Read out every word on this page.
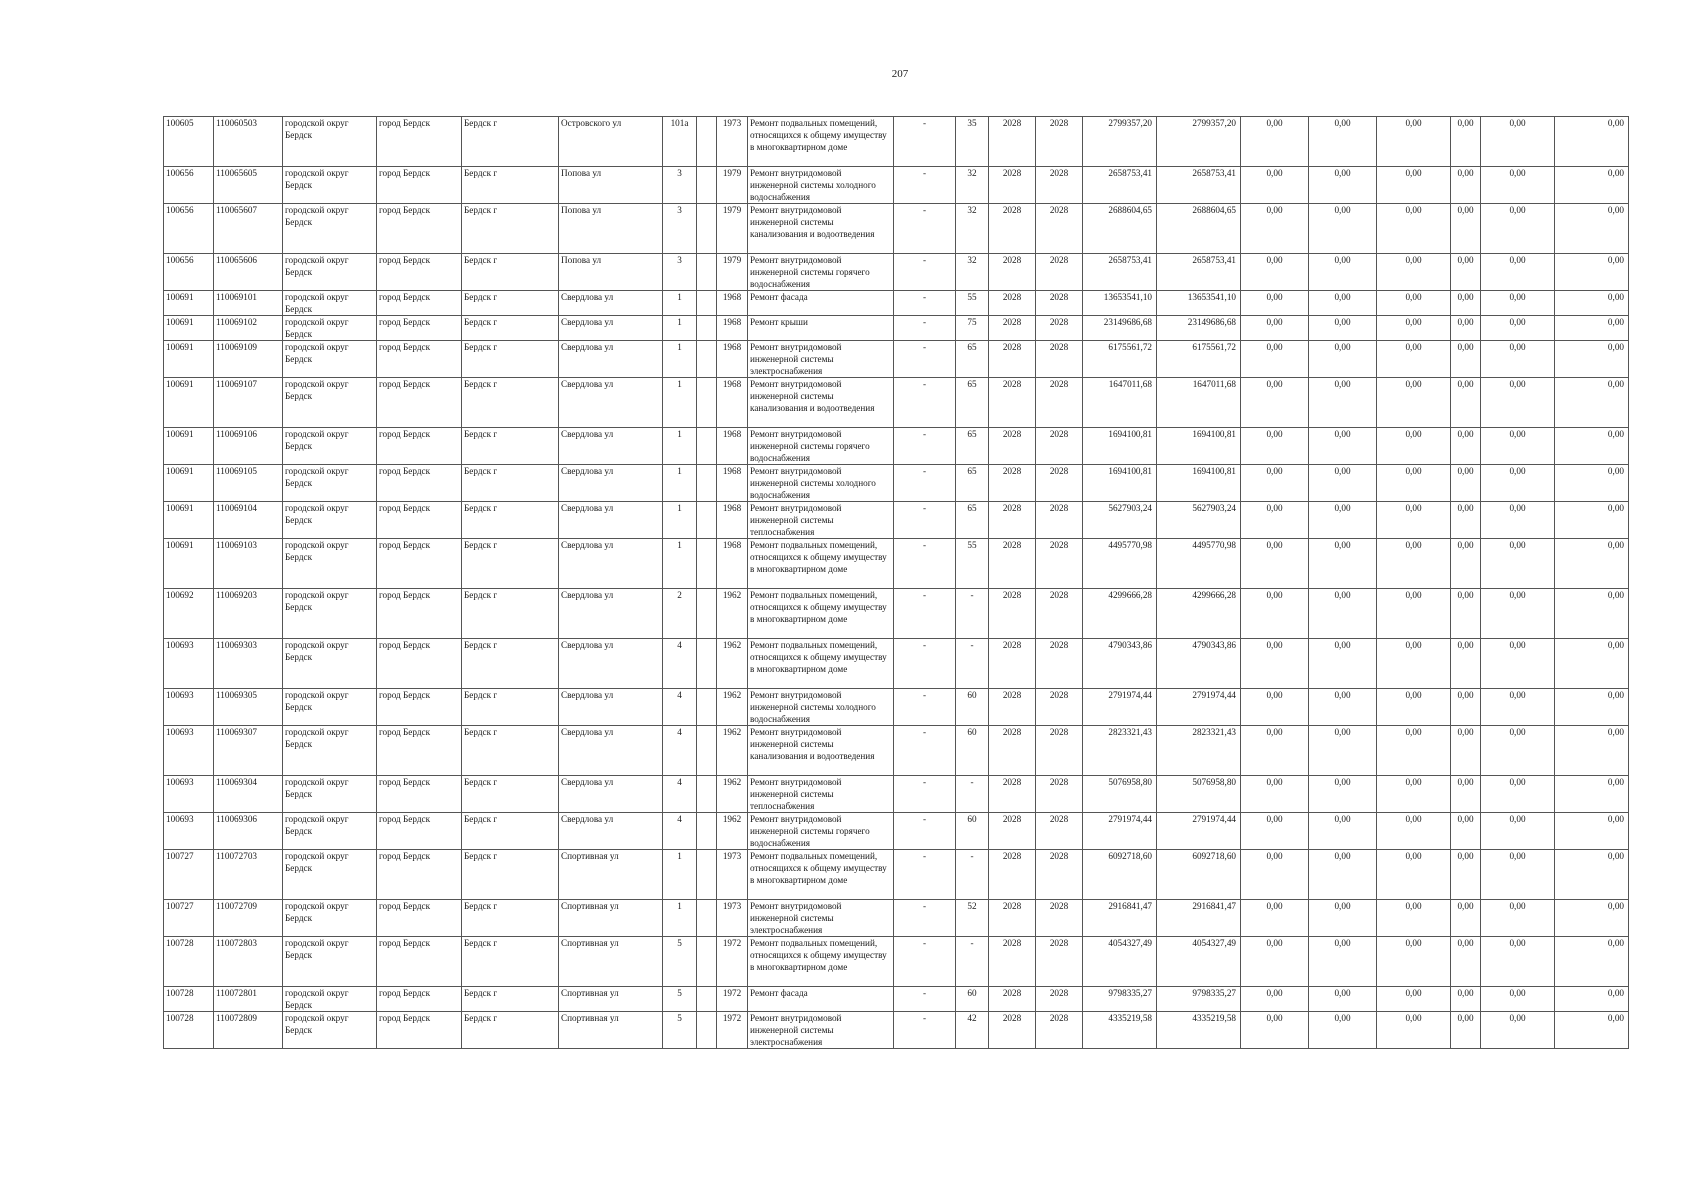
207
100605	110060503	городской округ Бердск	город Бердск	Бердск г	Островского ул	101а		1973	Ремонт подвальных помещений, относящихся к общему имуществу в многоквартирном доме	-	35	2028	2028	2799357,20	2799357,20	0,00	0,00	0,00	0,00	0,00	0,00
100656	110065605	городской округ Бердск	город Бердск	Бердск г	Попова ул	3		1979	Ремонт внутридомовой инженерной системы холодного водоснабжения	-	32	2028	2028	2658753,41	2658753,41	0,00	0,00	0,00	0,00	0,00	0,00
100656	110065607	городской округ Бердск	город Бердск	Бердск г	Попова ул	3		1979	Ремонт внутридомовой инженерной системы канализования и водоотведения	-	32	2028	2028	2688604,65	2688604,65	0,00	0,00	0,00	0,00	0,00	0,00
100656	110065606	городской округ Бердск	город Бердск	Бердск г	Попова ул	3		1979	Ремонт внутридомовой инженерной системы горячего водоснабжения	-	32	2028	2028	2658753,41	2658753,41	0,00	0,00	0,00	0,00	0,00	0,00
100691	110069101	городской округ Бердск	город Бердск	Бердск г	Свердлова ул	1		1968	Ремонт фасада	-	55	2028	2028	13653541,10	13653541,10	0,00	0,00	0,00	0,00	0,00	0,00
100691	110069102	городской округ Бердск	город Бердск	Бердск г	Свердлова ул	1		1968	Ремонт крыши	-	75	2028	2028	23149686,68	23149686,68	0,00	0,00	0,00	0,00	0,00	0,00
100691	110069109	городской округ Бердск	город Бердск	Бердск г	Свердлова ул	1		1968	Ремонт внутридомовой инженерной системы электроснабжения	-	65	2028	2028	6175561,72	6175561,72	0,00	0,00	0,00	0,00	0,00	0,00
100691	110069107	городской округ Бердск	город Бердск	Бердск г	Свердлова ул	1		1968	Ремонт внутридомовой инженерной системы канализования и водоотведения	-	65	2028	2028	1647011,68	1647011,68	0,00	0,00	0,00	0,00	0,00	0,00
100691	110069106	городской округ Бердск	город Бердск	Бердск г	Свердлова ул	1		1968	Ремонт внутридомовой инженерной системы горячего водоснабжения	-	65	2028	2028	1694100,81	1694100,81	0,00	0,00	0,00	0,00	0,00	0,00
100691	110069105	городской округ Бердск	город Бердск	Бердск г	Свердлова ул	1		1968	Ремонт внутридомовой инженерной системы холодного водоснабжения	-	65	2028	2028	1694100,81	1694100,81	0,00	0,00	0,00	0,00	0,00	0,00
100691	110069104	городской округ Бердск	город Бердск	Бердск г	Свердлова ул	1		1968	Ремонт внутридомовой инженерной системы теплоснабжения	-	65	2028	2028	5627903,24	5627903,24	0,00	0,00	0,00	0,00	0,00	0,00
100691	110069103	городской округ Бердск	город Бердск	Бердск г	Свердлова ул	1		1968	Ремонт подвальных помещений, относящихся к общему имуществу в многоквартирном доме	-	55	2028	2028	4495770,98	4495770,98	0,00	0,00	0,00	0,00	0,00	0,00
100692	110069203	городской округ Бердск	город Бердск	Бердск г	Свердлова ул	2		1962	Ремонт подвальных помещений, относящихся к общему имуществу в многоквартирном доме	-	-	2028	2028	4299666,28	4299666,28	0,00	0,00	0,00	0,00	0,00	0,00
100693	110069303	городской округ Бердск	город Бердск	Бердск г	Свердлова ул	4		1962	Ремонт подвальных помещений, относящихся к общему имуществу в многоквартирном доме	-	-	2028	2028	4790343,86	4790343,86	0,00	0,00	0,00	0,00	0,00	0,00
100693	110069305	городской округ Бердск	город Бердск	Бердск г	Свердлова ул	4		1962	Ремонт внутридомовой инженерной системы холодного водоснабжения	-	60	2028	2028	2791974,44	2791974,44	0,00	0,00	0,00	0,00	0,00	0,00
100693	110069307	городской округ Бердск	город Бердск	Бердск г	Свердлова ул	4		1962	Ремонт внутридомовой инженерной системы канализования и водоотведения	-	60	2028	2028	2823321,43	2823321,43	0,00	0,00	0,00	0,00	0,00	0,00
100693	110069304	городской округ Бердск	город Бердск	Бердск г	Свердлова ул	4		1962	Ремонт внутридомовой инженерной системы теплоснабжения	-	-	2028	2028	5076958,80	5076958,80	0,00	0,00	0,00	0,00	0,00	0,00
100693	110069306	городской округ Бердск	город Бердск	Бердск г	Свердлова ул	4		1962	Ремонт внутридомовой инженерной системы горячего водоснабжения	-	60	2028	2028	2791974,44	2791974,44	0,00	0,00	0,00	0,00	0,00	0,00
100727	110072703	городской округ Бердск	город Бердск	Бердск г	Спортивная ул	1		1973	Ремонт подвальных помещений, относящихся к общему имуществу в многоквартирном доме	-	-	2028	2028	6092718,60	6092718,60	0,00	0,00	0,00	0,00	0,00	0,00
100727	110072709	городской округ Бердск	город Бердск	Бердск г	Спортивная ул	1		1973	Ремонт внутридомовой инженерной системы электроснабжения	-	52	2028	2028	2916841,47	2916841,47	0,00	0,00	0,00	0,00	0,00	0,00
100728	110072803	городской округ Бердск	город Бердск	Бердск г	Спортивная ул	5		1972	Ремонт подвальных помещений, относящихся к общему имуществу в многоквартирном доме	-	-	2028	2028	4054327,49	4054327,49	0,00	0,00	0,00	0,00	0,00	0,00
100728	110072801	городской округ Бердск	город Бердск	Бердск г	Спортивная ул	5		1972	Ремонт фасада	-	60	2028	2028	9798335,27	9798335,27	0,00	0,00	0,00	0,00	0,00	0,00
100728	110072809	городской округ Бердск	город Бердск	Бердск г	Спортивная ул	5		1972	Ремонт внутридомовой инженерной системы электроснабжения	-	42	2028	2028	4335219,58	4335219,58	0,00	0,00	0,00	0,00	0,00	0,00
